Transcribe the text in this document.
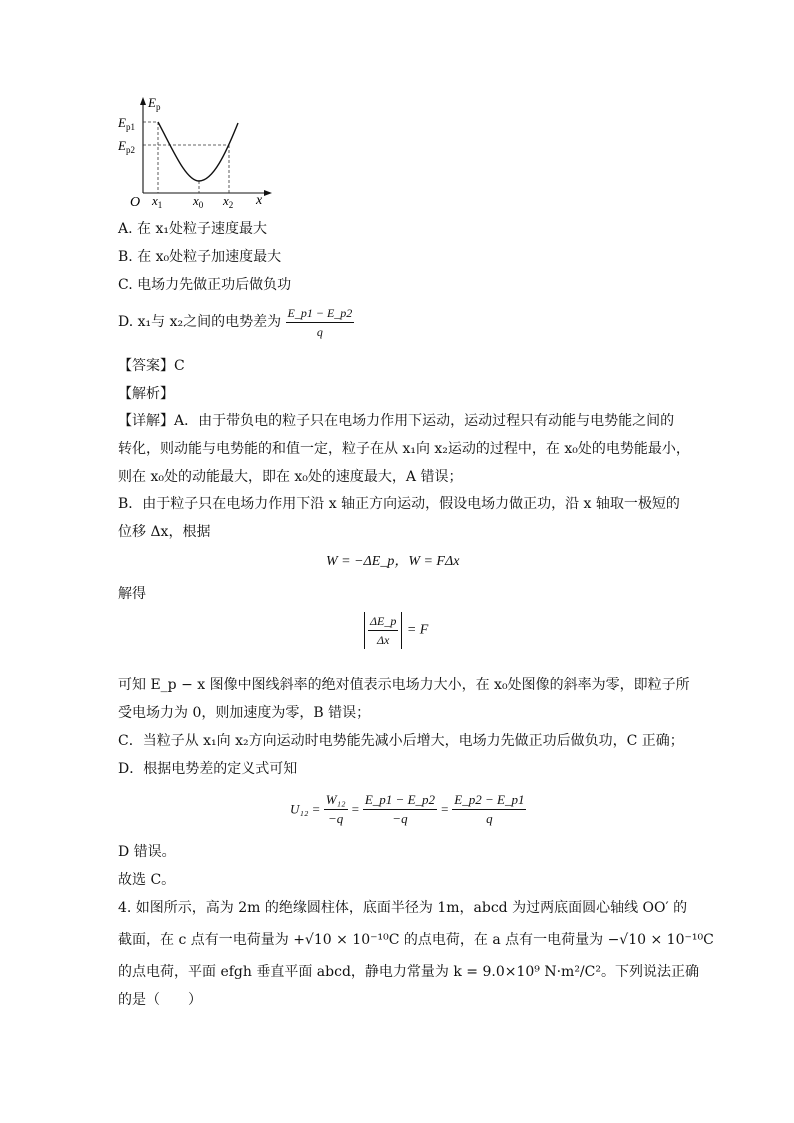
$E_p$
$E_{p1}$
$E_{p2}$
O $x_1$ $x_0$ $x_2$ x
A. 在 x₁处粒子速度最大
B. 在 x₀处粒子加速度最大
C. 电场力先做正功后做负功
D. x₁与 x₂之间的电势差为 $\frac{E\_p1 - E\_p2}{q}$
【答案】C
【解析】
【详解】A．由于带负电的粒子只在电场力作用下运动，运动过程只有动能与电势能之间的
转化，则动能与电势能的和值一定，粒子在从 x₁向 x₂运动的过程中，在 x₀处的电势能最小，
则在 x₀处的动能最大，即在 x₀处的速度最大，A 错误；
B．由于粒子只在电场力作用下沿 x 轴正方向运动，假设电场力做正功，沿 x 轴取一极短的
位移 Δx，根据
W = −ΔE_p，W = FΔx
解得
$\frac{\Delta E\_p}{\Delta x} = F$
可知 E_p − x 图像中图线斜率的绝对值表示电场力大小，在 x₀处图像的斜率为零，即粒子所
受电场力为 0，则加速度为零，B 错误；
C．当粒子从 x₁向 x₂方向运动时电势能先减小后增大，电场力先做正功后做负功，C 正确；
D．根据电势差的定义式可知
$U_{12} = \frac{\text{W₁₂}}{-q} = \frac{E\_p1 - E\_p2}{-q} = \frac{E\_p2 - E\_p1}{q}$
D 错误。
故选 C。
4. 如图所示，高为 2m 的绝缘圆柱体，底面半径为 1m，abcd 为过两底面圆心轴线 OO′ 的
截面，在 c 点有一电荷量为 +√10 × 10⁻¹⁰C 的点电荷，在 a 点有一电荷量为 −√10 × 10⁻¹⁰C
的点电荷，平面 efgh 垂直平面 abcd，静电力常量为 k = 9.0×10⁹ N·m²/C²。下列说法正确
的是（　　）
